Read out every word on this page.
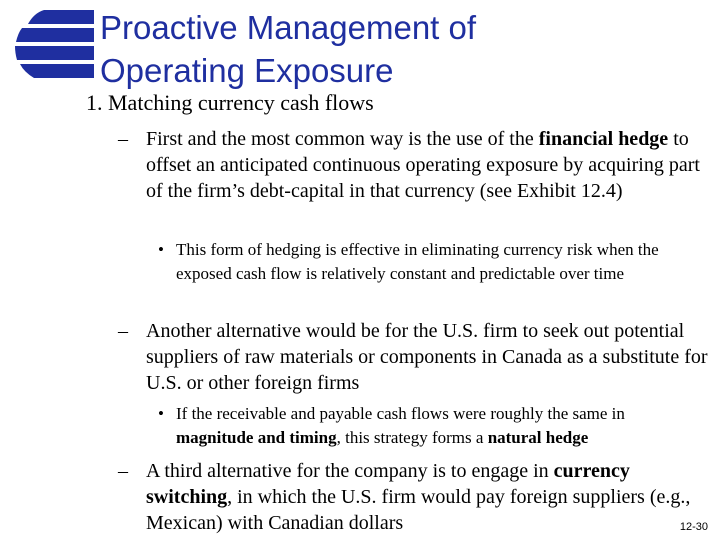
Proactive Management of
Operating Exposure
1. Matching currency cash flows
– First and the most common way is the use of the financial hedge to offset an anticipated continuous operating exposure by acquiring part of the firm’s debt-capital in that currency (see Exhibit 12.4)
• This form of hedging is effective in eliminating currency risk when the exposed cash flow is relatively constant and predictable over time
– Another alternative would be for the U.S. firm to seek out potential suppliers of raw materials or components in Canada as a substitute for U.S. or other foreign firms
• If the receivable and payable cash flows were roughly the same in magnitude and timing, this strategy forms a natural hedge
– A third alternative for the company is to engage in currency switching, in which the U.S. firm would pay foreign suppliers (e.g., Mexican) with Canadian dollars	12-30
